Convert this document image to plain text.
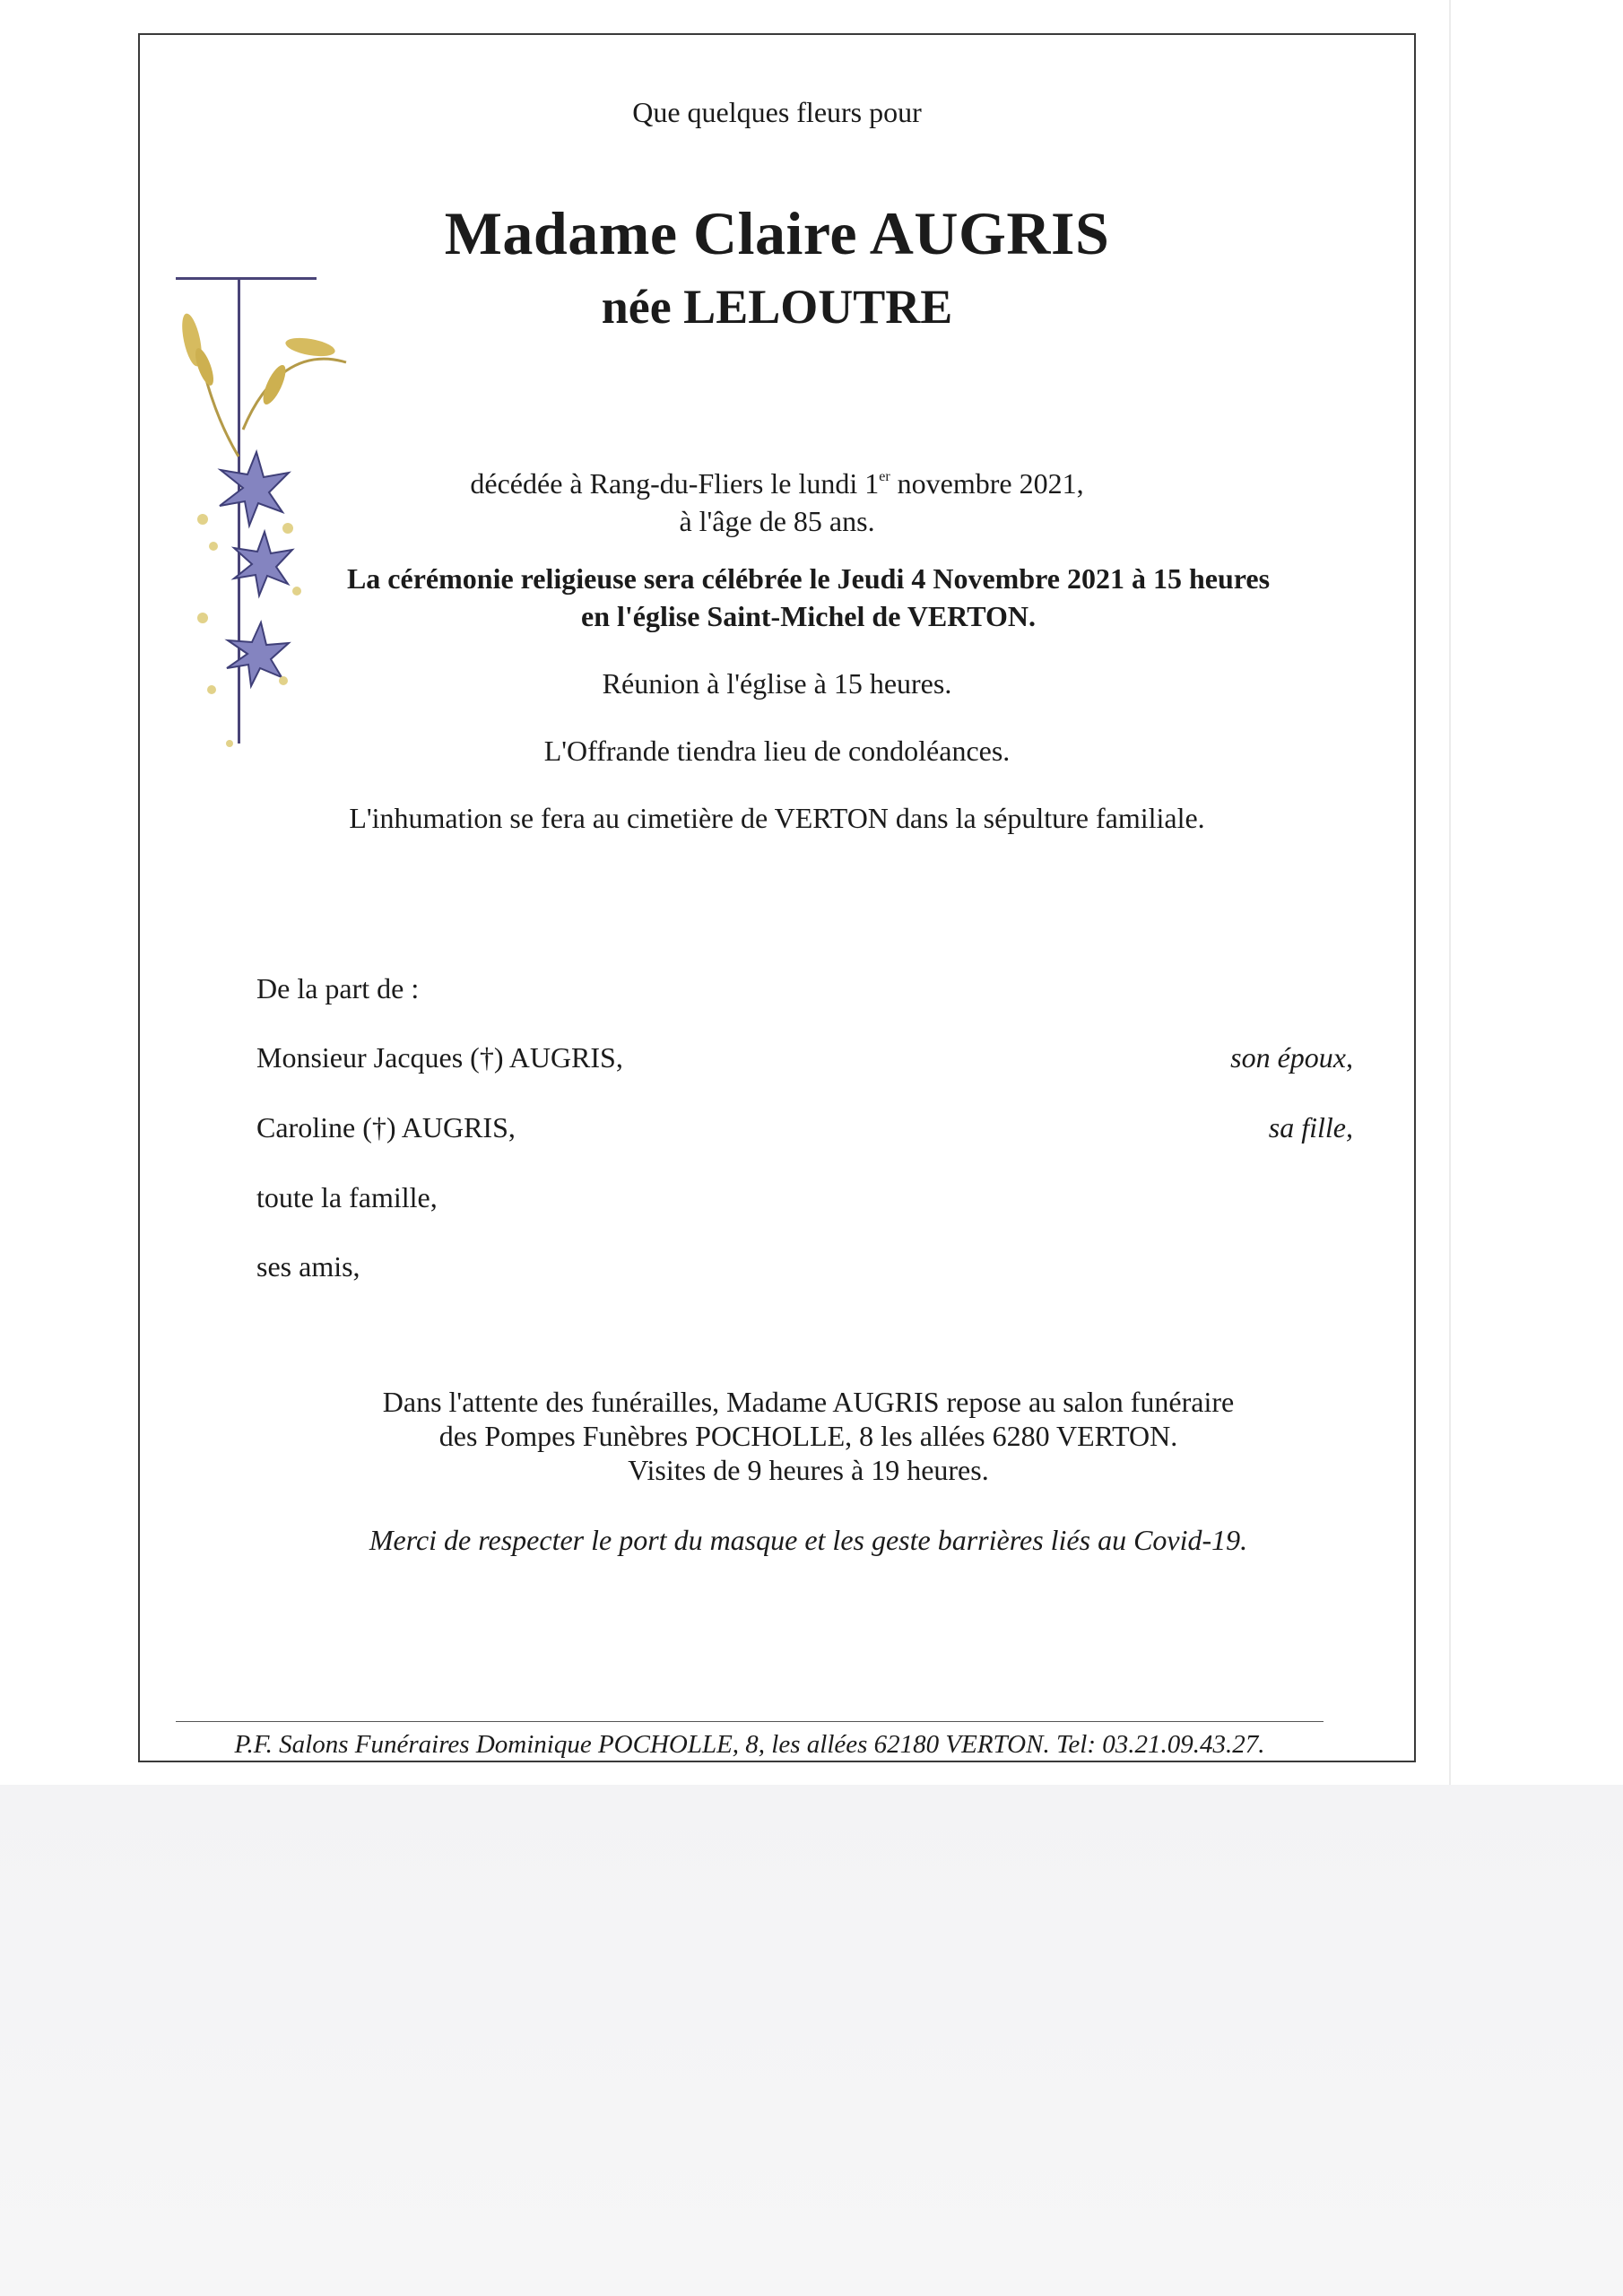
Que quelques fleurs pour
Madame Claire AUGRIS
née LELOUTRE
décédée à Rang-du-Fliers le lundi 1er novembre 2021,
à l'âge de 85 ans.
La cérémonie religieuse sera célébrée le Jeudi 4 Novembre 2021 à 15 heures
en l'église Saint-Michel de VERTON.
Réunion à l'église à 15 heures.
L'Offrande tiendra lieu de condoléances.
L'inhumation se fera au cimetière de VERTON dans la sépulture familiale.
De la part de :
Monsieur Jacques (†) AUGRIS,	son époux,
Caroline (†) AUGRIS,	sa fille,
toute la famille,
ses amis,
Dans l'attente des funérailles, Madame AUGRIS repose au salon funéraire
des Pompes Funèbres POCHOLLE, 8 les allées 6280 VERTON.
Visites de 9 heures à 19 heures.
Merci de respecter le port du masque et les geste barrières liés au Covid-19.
P.F. Salons Funéraires Dominique POCHOLLE, 8, les allées 62180 VERTON. Tel: 03.21.09.43.27.
